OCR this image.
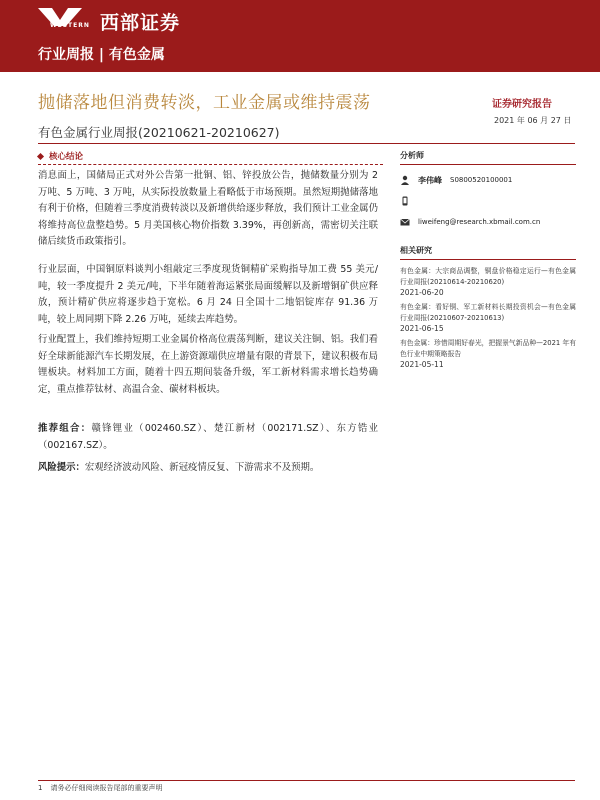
WESTERN 西部证券
行业周报 | 有色金属
抛储落地但消费转淡，工业金属或维持震荡
有色金属行业周报(20210621-20210627)
证券研究报告
2021 年 06 月 27 日
核心结论

消息面上，国储局正式对外公告第一批铜、铝、锌投放公告，抛储数量分别为 2 万吨、5 万吨、3 万吨，从实际投放数量上看略低于市场预期。虽然短期抛储落地有利于价格，但随着三季度消费转淡以及新增供给逐步释放，我们预计工业金属仍将维持高位盘整趋势。5 月美国核心物价指数 3.39%，再创新高，需密切关注联储后续货币政策指引。

行业层面，中国铜原料谈判小组敲定三季度现货铜精矿采购指导加工费 55 美元/吨，较一季度提升 2 美元/吨，下半年随着海运紧张局面缓解以及新增铜矿供应释放，预计精矿供应将逐步趋于宽松。6 月 24 日全国十二地铝锭库存 91.36 万吨，较上周同期下降 2.26 万吨，延续去库趋势。

行业配置上，我们维持短期工业金属价格高位震荡判断，建议关注铜、铝。我们看好全球新能源汽车长期发展，在上游资源端供应增量有限的背景下，建议积极布局锂板块。材料加工方面，随着十四五期间装备升级，军工新材料需求增长趋势确定，重点推荐钛材、高温合金、碳材料板块。

推荐组合：赣锋锂业（002460.SZ）、楚江新材（002171.SZ）、东方锆业（002167.SZ）。

风险提示：宏观经济波动风险、新冠疫情反复、下游需求不及预期。

分析师

李伟峰 S0800520100001
liweifeng@research.xbmail.com.cn

相关研究

有色金属：大宗商品调整，铜盘价格稳定运行—有色金属行业周报(20210614-20210620)

2021-06-20

有色金属：看好铜、军工新材料长期投资机会—有色金属行业周报(20210607-20210613)

2021-06-15

有色金属：珍惜周期好春光，把握景气新品种—2021 年有色行业中期策略报告

2021-05-11

1 请务必仔细阅读报告尾部的重要声明
